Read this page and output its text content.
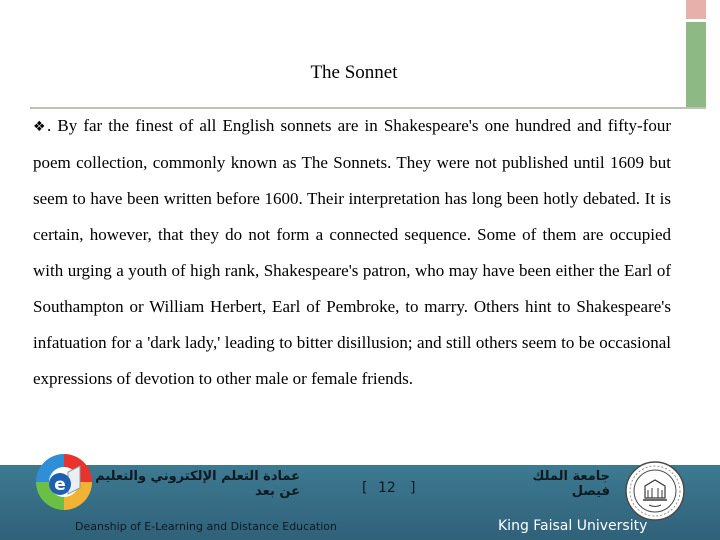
The Sonnet
❖. By far the finest of all English sonnets are in Shakespeare's one hundred and fifty-four poem collection, commonly known as The Sonnets. They were not published until 1609 but seem to have been written before 1600. Their interpretation has long been hotly debated. It is certain, however, that they do not form a connected sequence. Some of them are occupied with urging a youth of high rank, Shakespeare's patron, who may have been either the Earl of Southampton or William Herbert, Earl of Pembroke, to marry. Others hint to Shakespeare's infatuation for a 'dark lady,' leading to bitter disillusion; and still others seem to be occasional expressions of devotion to other male or female friends.
e	عمادة التعلم الإلكتروني والتعليم عن بعد
Deanship of E-Learning and Distance Education
[ 12 ]
جامعة الملك فيصل
King Faisal University
